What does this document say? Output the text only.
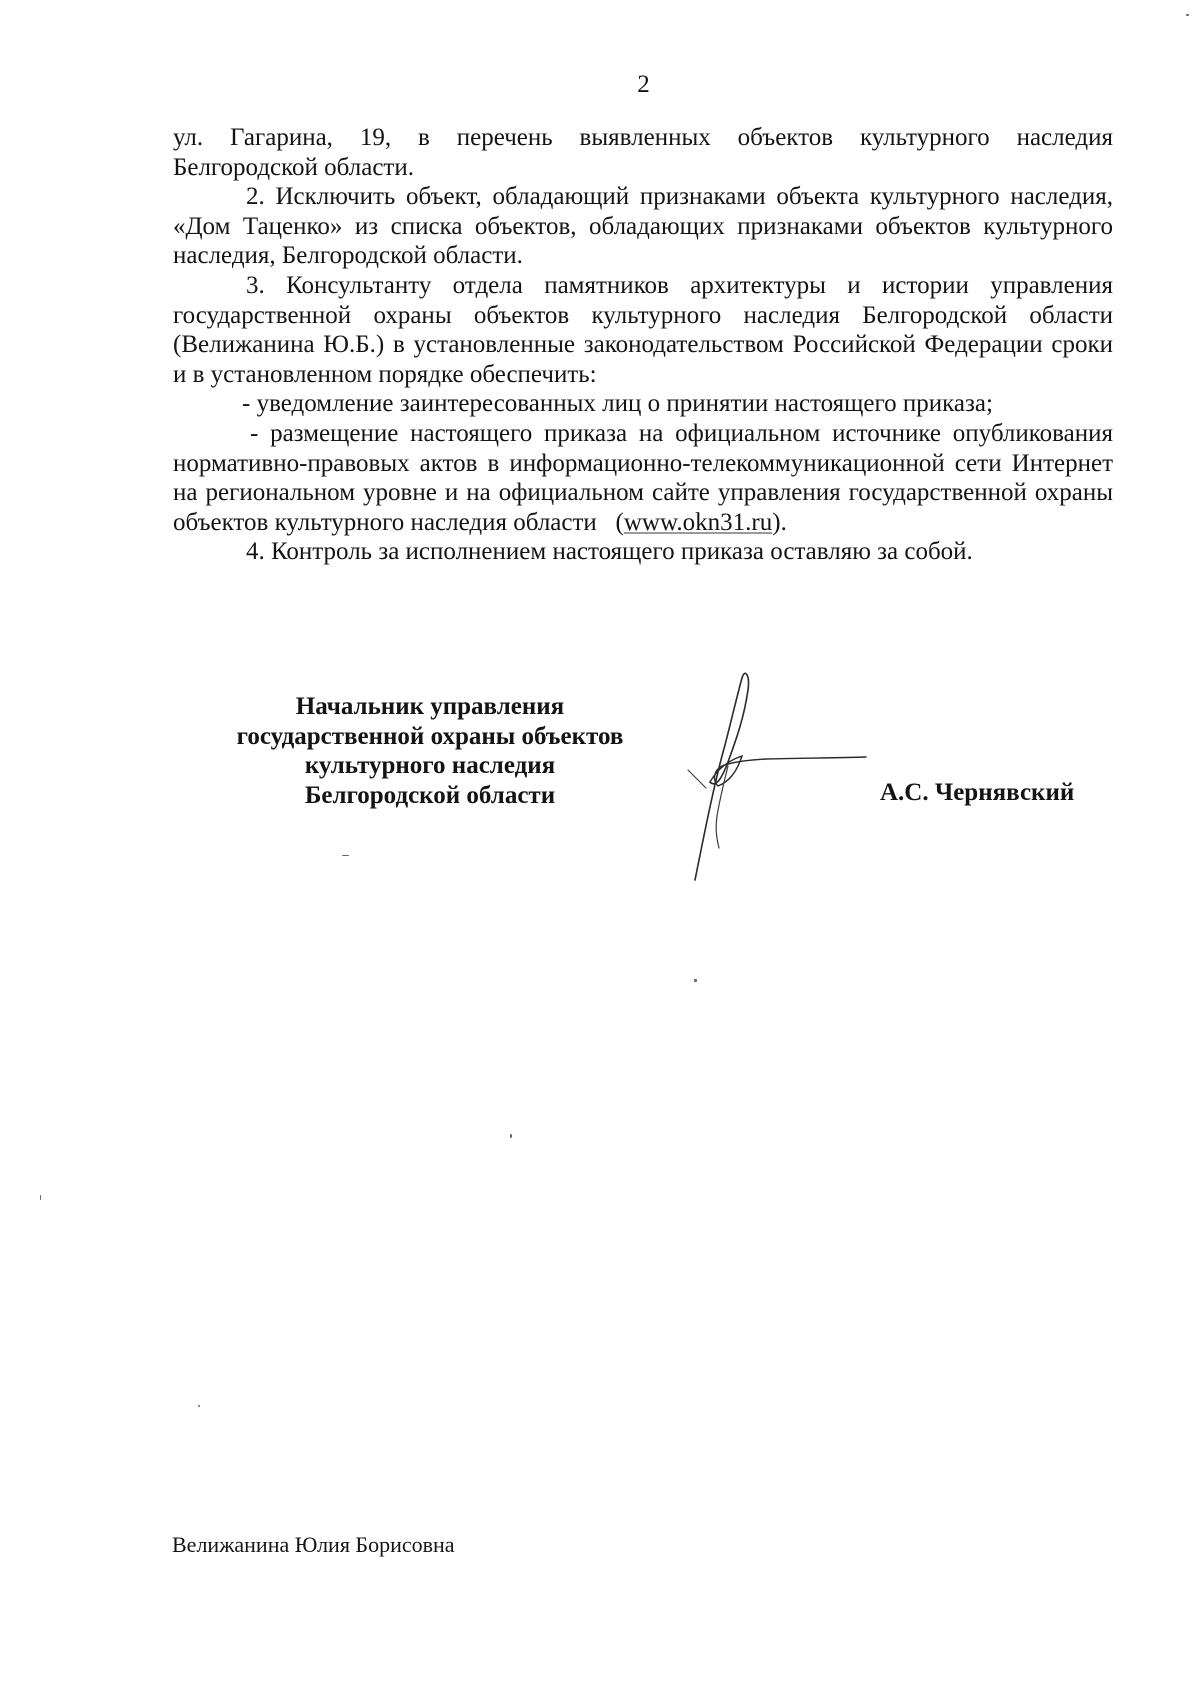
2

ул. Гагарина, 19, в перечень выявленных объектов культурного наследия

Белгородской области.

2. Исключить объект, обладающий признаками объекта культурного наследия, «Дом Таценко» из списка объектов, обладающих признаками объектов культурного наследия, Белгородской области.

3. Консультанту отдела памятников архитектуры и истории управления государственной охраны объектов культурного наследия Белгородской области (Велижанина Ю.Б.) в установленные законодательством Российской Федерации сроки и в установленном порядке обеспечить:

- уведомление заинтересованных лиц о принятии настоящего приказа;

- размещение настоящего приказа на официальном источнике опубликования нормативно-правовых актов в информационно-телекоммуникационной сети Интернет на региональном уровне и на официальном сайте управления государственной охраны объектов культурного наследия области (www.okn31.ru).

4. Контроль за исполнением настоящего приказа оставляю за собой.

Начальник управления
государственной охраны объектов
культурного наследия
Белгородской области	А.С. Чернявский
Велижанина Юлия Борисовна
